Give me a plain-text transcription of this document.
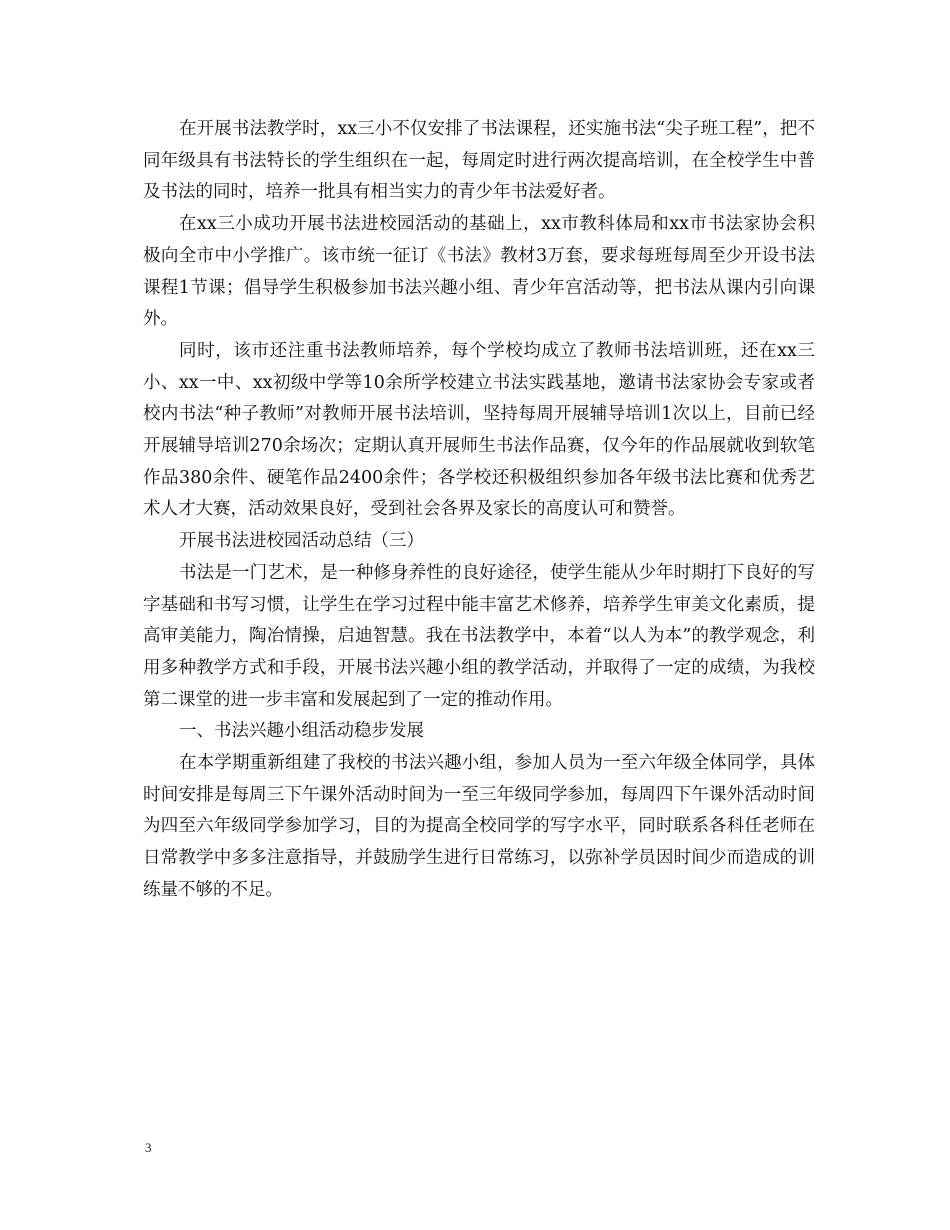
在开展书法教学时，xx三小不仅安排了书法课程，还实施书法“尖子班工程”，把不同年级具有书法特长的学生组织在一起，每周定时进行两次提高培训，在全校学生中普及书法的同时，培养一批具有相当实力的青少年书法爱好者。

在xx三小成功开展书法进校园活动的基础上，xx市教科体局和xx市书法家协会积极向全市中小学推广。该市统一征订《书法》教材3万套，要求每班每周至少开设书法课程1节课；倡导学生积极参加书法兴趣小组、青少年宫活动等，把书法从课内引向课外。

同时，该市还注重书法教师培养，每个学校均成立了教师书法培训班，还在xx三小、xx一中、xx初级中学等10余所学校建立书法实践基地，邀请书法家协会专家或者校内书法“种子教师”对教师开展书法培训，坚持每周开展辅导培训1次以上，目前已经开展辅导培训270余场次；定期认真开展师生书法作品赛，仅今年的作品展就收到软笔作品380余件、硬笔作品2400余件；各学校还积极组织参加各年级书法比赛和优秀艺术人才大赛，活动效果良好，受到社会各界及家长的高度认可和赞誉。

开展书法进校园活动总结（三）

书法是一门艺术，是一种修身养性的良好途径，使学生能从少年时期打下良好的写字基础和书写习惯，让学生在学习过程中能丰富艺术修养，培养学生审美文化素质，提高审美能力，陶冶情操，启迪智慧。我在书法教学中，本着“以人为本”的教学观念，利用多种教学方式和手段，开展书法兴趣小组的教学活动，并取得了一定的成绩，为我校第二课堂的进一步丰富和发展起到了一定的推动作用。

一、书法兴趣小组活动稳步发展

在本学期重新组建了我校的书法兴趣小组，参加人员为一至六年级全体同学，具体时间安排是每周三下午课外活动时间为一至三年级同学参加，每周四下午课外活动时间为四至六年级同学参加学习，目的为提高全校同学的写字水平，同时联系各科任老师在日常教学中多多注意指导，并鼓励学生进行日常练习，以弥补学员因时间少而造成的训练量不够的不足。

3
